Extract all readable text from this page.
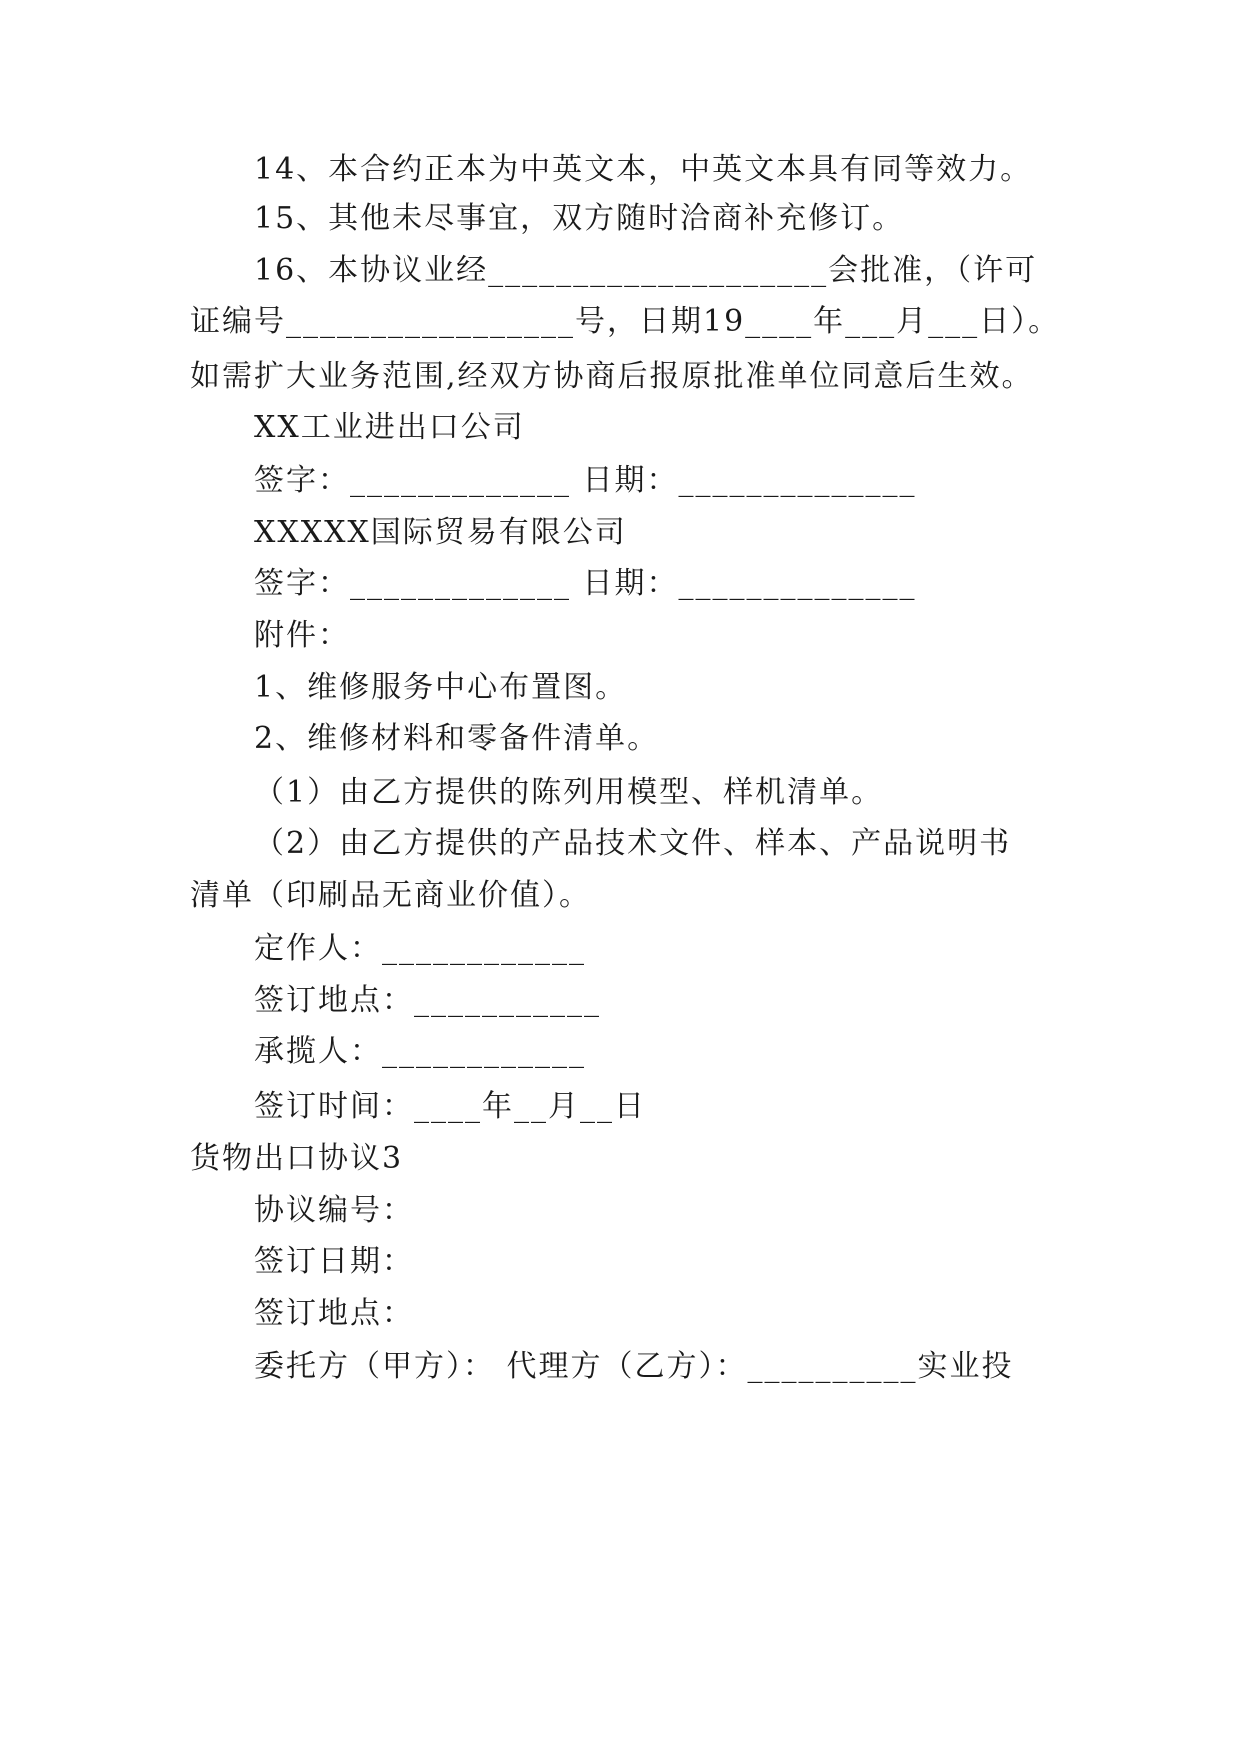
14、本合约正本为中英文本，中英文本具有同等效力。
15、其他未尽事宜，双方随时洽商补充修订。
16、本协议业经____________________会批准，（许可
证编号_________________号，日期19____年___月___日）。
如需扩大业务范围,经双方协商后报原批准单位同意后生效。
XX工业进出口公司
签字：_____________ 日期：______________
XXXXX国际贸易有限公司
签字：_____________ 日期：______________
附件：
1、维修服务中心布置图。
2、维修材料和零备件清单。
（1）由乙方提供的陈列用模型、样机清单。
（2）由乙方提供的产品技术文件、样本、产品说明书
清单（印刷品无商业价值）。
定作人：____________
签订地点：___________
承揽人：____________
签订时间：____年__月__日
货物出口协议3
协议编号：
签订日期：
签订地点：
委托方（甲方）： 代理方（乙方）：__________实业投
